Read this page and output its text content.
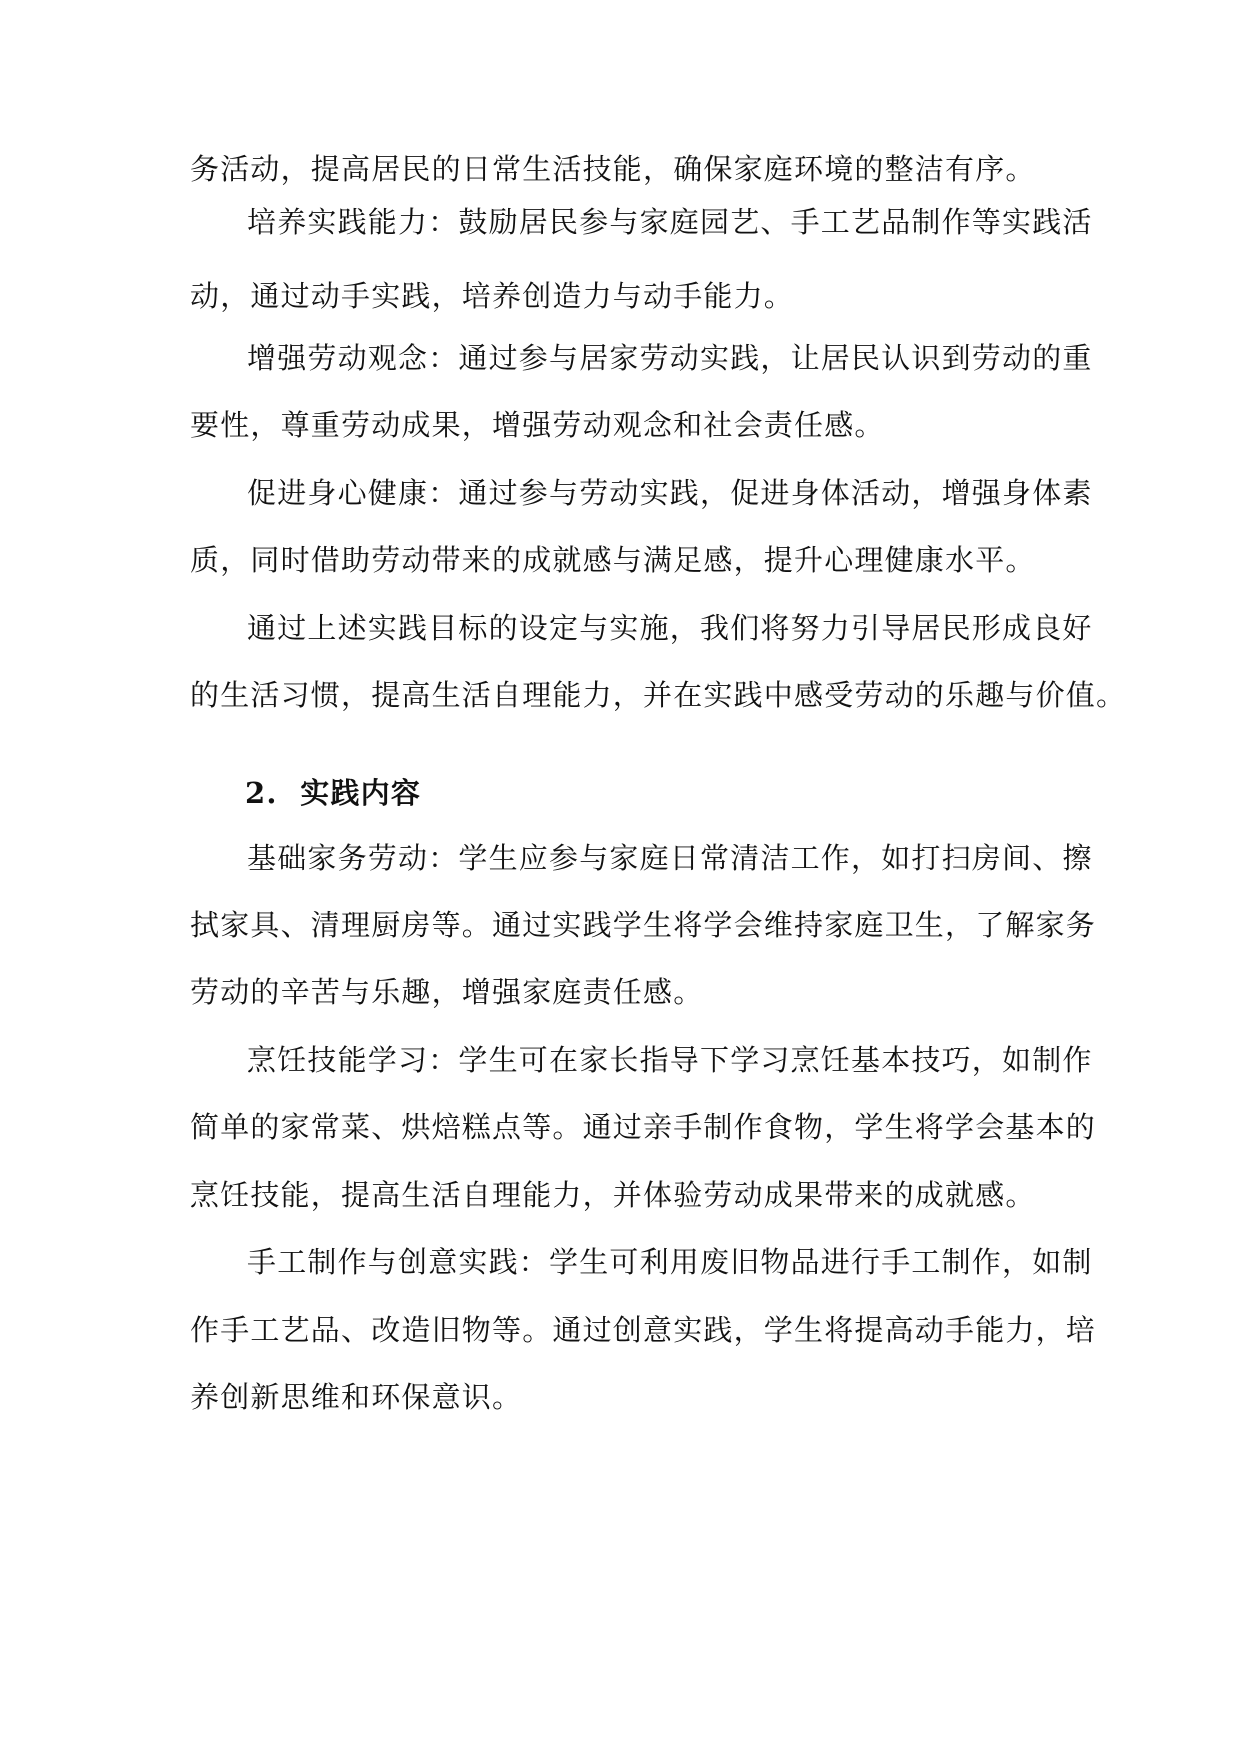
务活动，提高居民的日常生活技能，确保家庭环境的整洁有序。
培养实践能力：鼓励居民参与家庭园艺、手工艺品制作等实践活
动，通过动手实践，培养创造力与动手能力。
增强劳动观念：通过参与居家劳动实践，让居民认识到劳动的重
要性，尊重劳动成果，增强劳动观念和社会责任感。
促进身心健康：通过参与劳动实践，促进身体活动，增强身体素
质，同时借助劳动带来的成就感与满足感，提升心理健康水平。
通过上述实践目标的设定与实施，我们将努力引导居民形成良好
的生活习惯，提高生活自理能力，并在实践中感受劳动的乐趣与价值。
2. 实践内容
基础家务劳动：学生应参与家庭日常清洁工作，如打扫房间、擦
拭家具、清理厨房等。通过实践学生将学会维持家庭卫生，了解家务
劳动的辛苦与乐趣，增强家庭责任感。
烹饪技能学习：学生可在家长指导下学习烹饪基本技巧，如制作
简单的家常菜、烘焙糕点等。通过亲手制作食物，学生将学会基本的
烹饪技能，提高生活自理能力，并体验劳动成果带来的成就感。
手工制作与创意实践：学生可利用废旧物品进行手工制作，如制
作手工艺品、改造旧物等。通过创意实践，学生将提高动手能力，培
养创新思维和环保意识。
